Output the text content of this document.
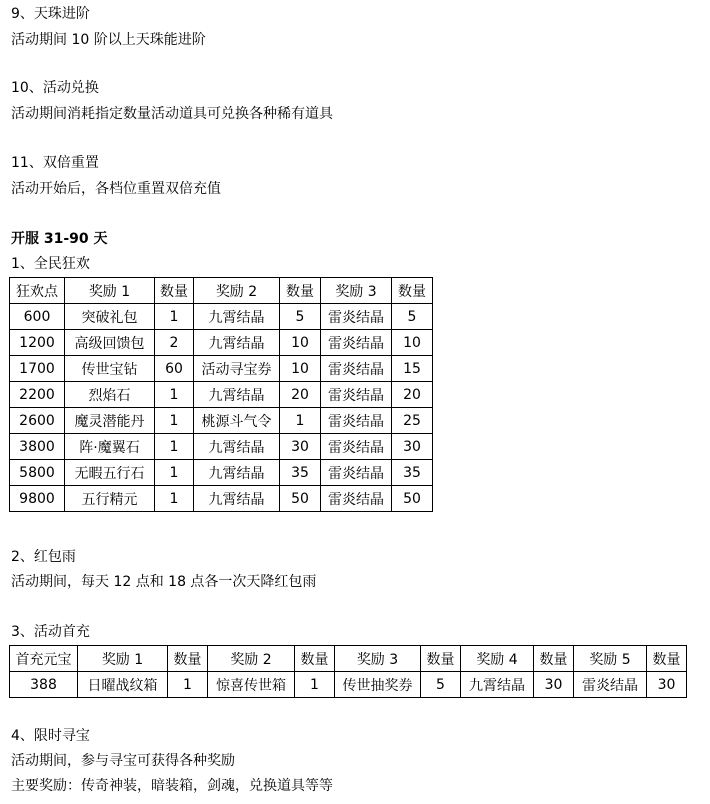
9、天珠进阶
活动期间 10 阶以上天珠能进阶
10、活动兑换
活动期间消耗指定数量活动道具可兑换各种稀有道具
11、双倍重置
活动开始后，各档位重置双倍充值
开服 31-90 天
1、全民狂欢
狂欢点	奖励 1	数量	奖励 2	数量	奖励 3	数量
600	突破礼包	1	九霄结晶	5	雷炎结晶	5
1200	高级回馈包	2	九霄结晶	10	雷炎结晶	10
1700	传世宝钻	60	活动寻宝券	10	雷炎结晶	15
2200	烈焰石	1	九霄结晶	20	雷炎结晶	20
2600	魔灵潜能丹	1	桃源斗气令	1	雷炎结晶	25
3800	阵·魔翼石	1	九霄结晶	30	雷炎结晶	30
5800	无暇五行石	1	九霄结晶	35	雷炎结晶	35
9800	五行精元	1	九霄结晶	50	雷炎结晶	50
2、红包雨
活动期间，每天 12 点和 18 点各一次天降红包雨
3、活动首充
首充元宝	奖励 1	数量	奖励 2	数量	奖励 3	数量	奖励 4	数量	奖励 5	数量
388	日曜战纹箱	1	惊喜传世箱	1	传世抽奖券	5	九霄结晶	30	雷炎结晶	30
4、限时寻宝
活动期间，参与寻宝可获得各种奖励
主要奖励：传奇神装，暗装箱，剑魂，兑换道具等等
